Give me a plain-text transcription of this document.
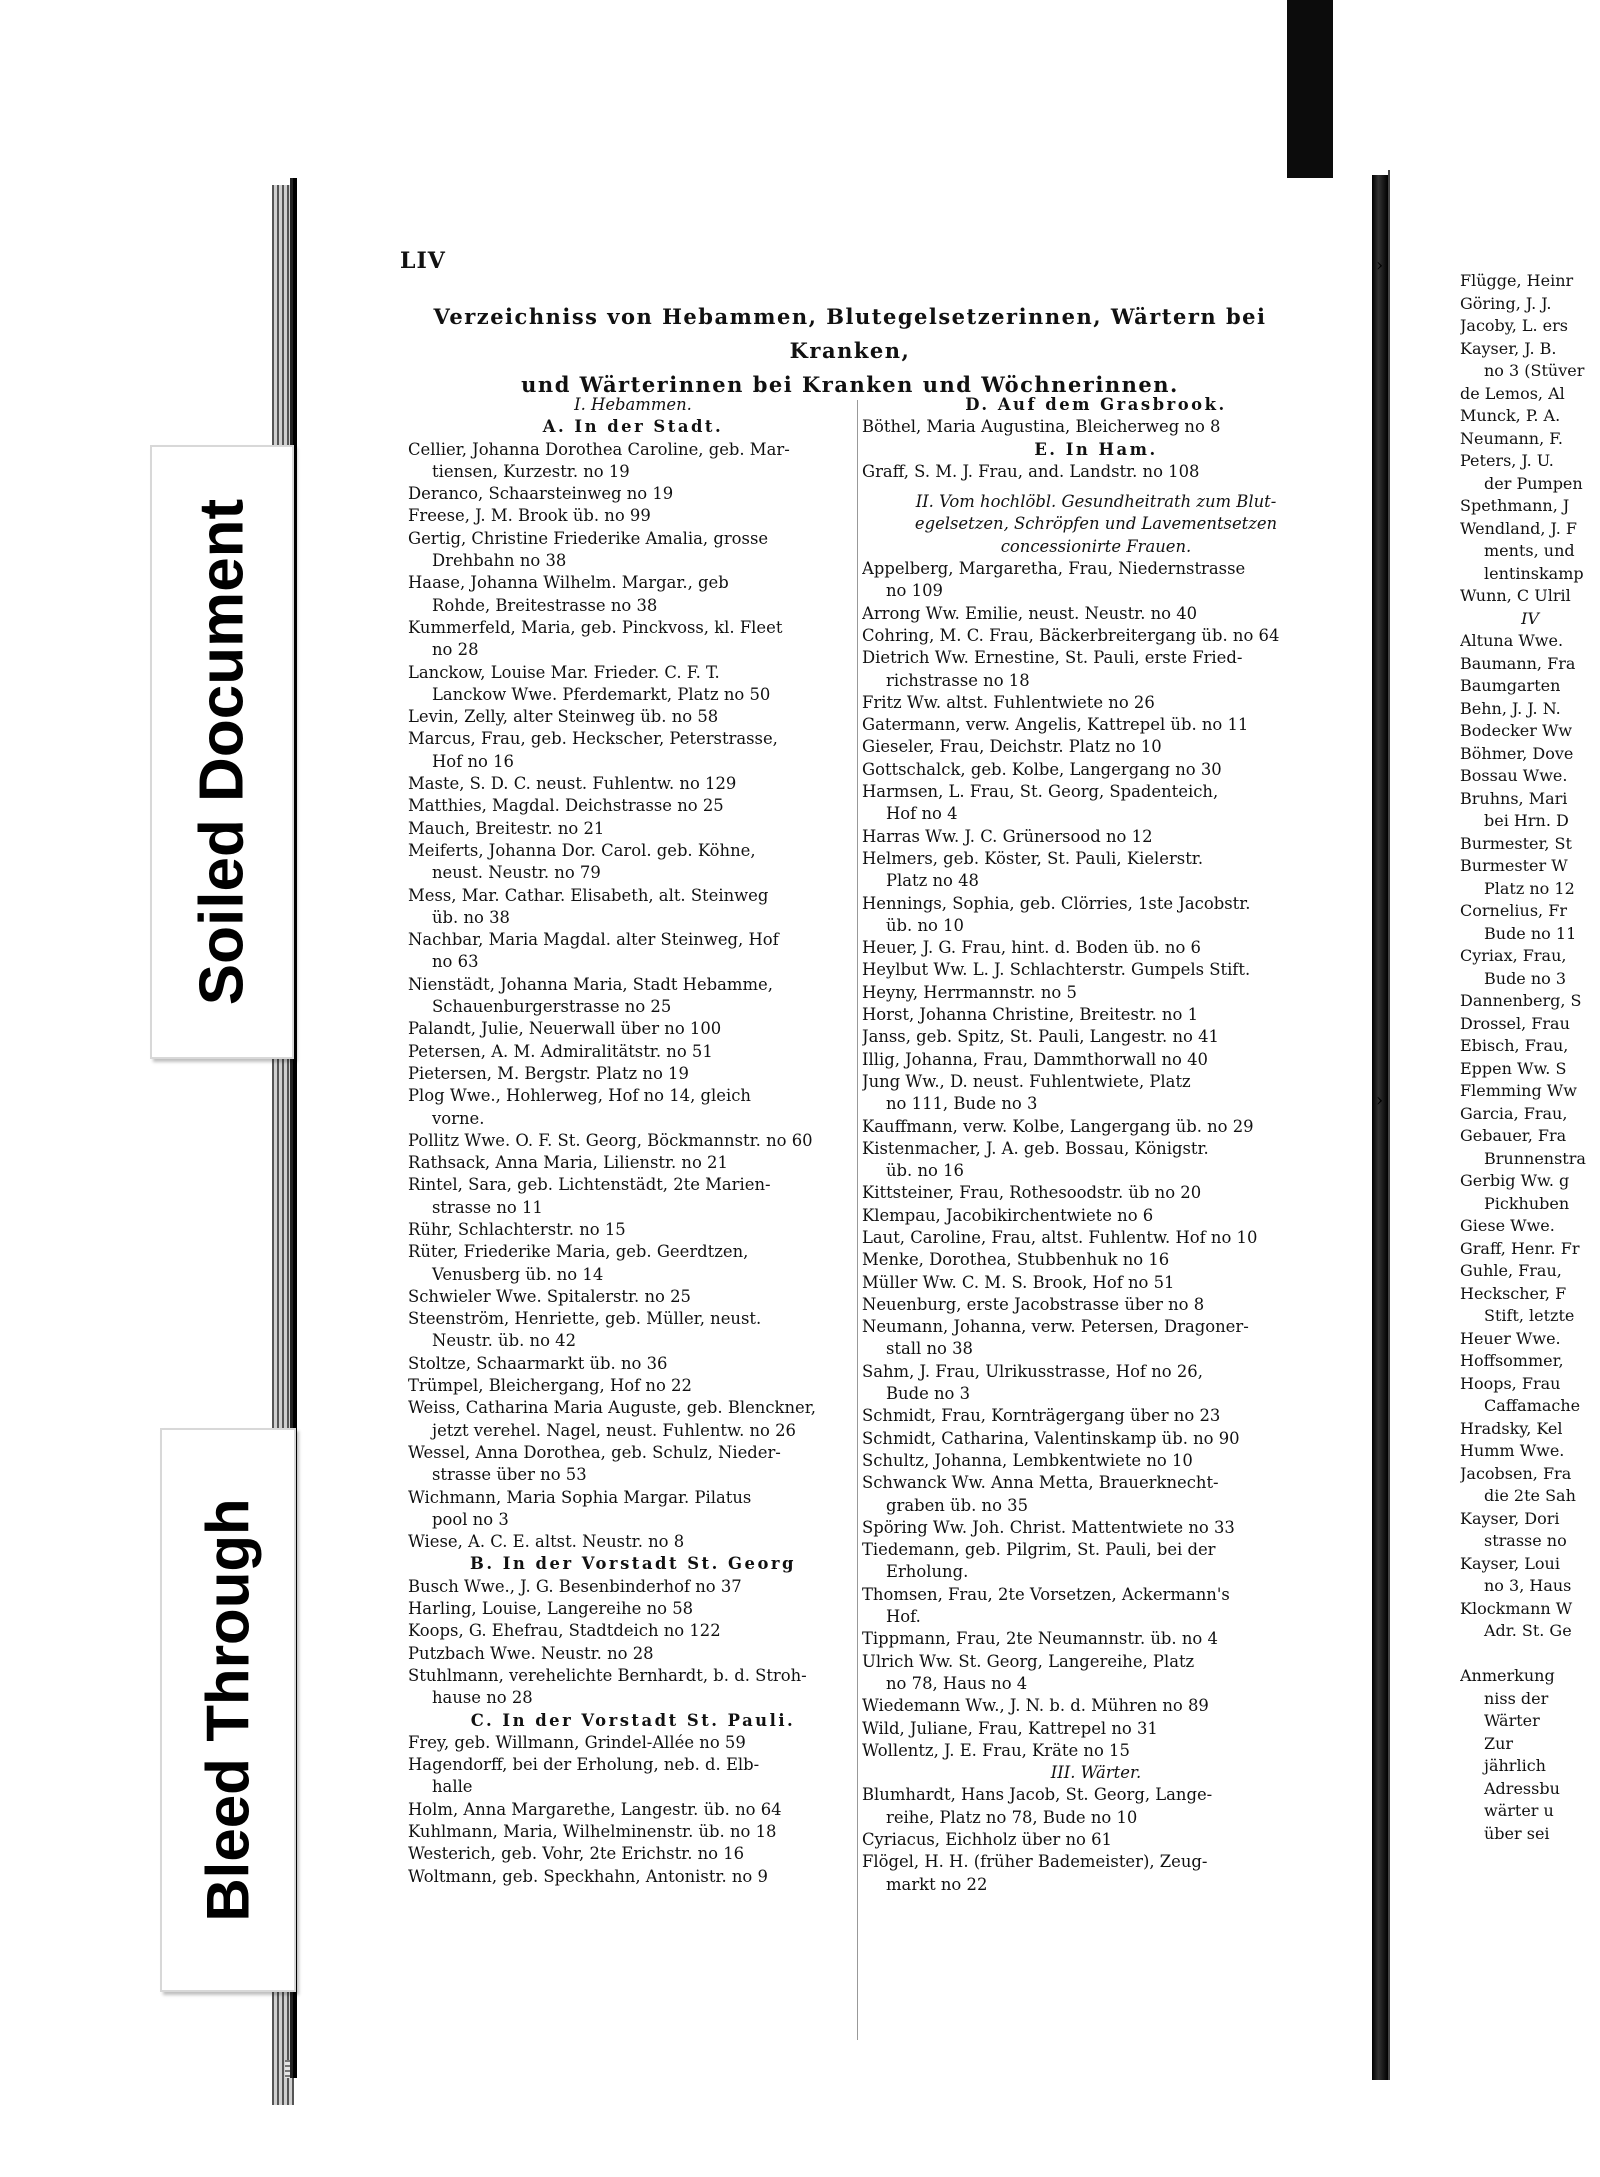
Soiled Document
Bleed Through
LIV
Verzeichniss von Hebammen, Blutegelsetzerinnen, Wärtern bei Kranken,
und Wärterinnen bei Kranken und Wöchnerinnen.
›
›
I. Hebammen.
A. In der Stadt.
Cellier, Johanna Dorothea Caroline, geb. Mar-
tiensen, Kurzestr. no 19
Deranco, Schaarsteinweg no 19
Freese, J. M. Brook üb. no 99
Gertig, Christine Friederike Amalia, grosse
Drehbahn no 38
Haase, Johanna Wilhelm. Margar., geb
Rohde, Breitestrasse no 38
Kummerfeld, Maria, geb. Pinckvoss, kl. Fleet
no 28
Lanckow, Louise Mar. Frieder. C. F. T.
Lanckow Wwe. Pferdemarkt, Platz no 50
Levin, Zelly, alter Steinweg üb. no 58
Marcus, Frau, geb. Heckscher, Peterstrasse,
Hof no 16
Maste, S. D. C. neust. Fuhlentw. no 129
Matthies, Magdal. Deichstrasse no 25
Mauch, Breitestr. no 21
Meiferts, Johanna Dor. Carol. geb. Köhne,
neust. Neustr. no 79
Mess, Mar. Cathar. Elisabeth, alt. Steinweg
üb. no 38
Nachbar, Maria Magdal. alter Steinweg, Hof
no 63
Nienstädt, Johanna Maria, Stadt Hebamme,
Schauenburgerstrasse no 25
Palandt, Julie, Neuerwall über no 100
Petersen, A. M. Admiralitätstr. no 51
Pietersen, M. Bergstr. Platz no 19
Plog Wwe., Hohlerweg, Hof no 14, gleich
vorne.
Pollitz Wwe. O. F. St. Georg, Böckmannstr. no 60
Rathsack, Anna Maria, Lilienstr. no 21
Rintel, Sara, geb. Lichtenstädt, 2te Marien-
strasse no 11
Rühr, Schlachterstr. no 15
Rüter, Friederike Maria, geb. Geerdtzen,
Venusberg üb. no 14
Schwieler Wwe. Spitalerstr. no 25
Steenström, Henriette, geb. Müller, neust.
Neustr. üb. no 42
Stoltze, Schaarmarkt üb. no 36
Trümpel, Bleichergang, Hof no 22
Weiss, Catharina Maria Auguste, geb. Blenckner,
jetzt verehel. Nagel, neust. Fuhlentw. no 26
Wessel, Anna Dorothea, geb. Schulz, Nieder-
strasse über no 53
Wichmann, Maria Sophia Margar. Pilatus
pool no 3
Wiese, A. C. E. altst. Neustr. no 8
B. In der Vorstadt St. Georg
Busch Wwe., J. G. Besenbinderhof no 37
Harling, Louise, Langereihe no 58
Koops, G. Ehefrau, Stadtdeich no 122
Putzbach Wwe. Neustr. no 28
Stuhlmann, verehelichte Bernhardt, b. d. Stroh-
hause no 28
C. In der Vorstadt St. Pauli.
Frey, geb. Willmann, Grindel-Allée no 59
Hagendorff, bei der Erholung, neb. d. Elb-
halle
Holm, Anna Margarethe, Langestr. üb. no 64
Kuhlmann, Maria, Wilhelminenstr. üb. no 18
Westerich, geb. Vohr, 2te Erichstr. no 16
Woltmann, geb. Speckhahn, Antonistr. no 9
D. Auf dem Grasbrook.
Böthel, Maria Augustina, Bleicherweg no 8
E. In Ham.
Graff, S. M. J. Frau, and. Landstr. no 108
II. Vom hochlöbl. Gesundheitrath zum Blut-
egelsetzen, Schröpfen und Lavementsetzen
concessionirte Frauen.
Appelberg, Margaretha, Frau, Niedernstrasse
no 109
Arrong Ww. Emilie, neust. Neustr. no 40
Cohring, M. C. Frau, Bäckerbreitergang üb. no 64
Dietrich Ww. Ernestine, St. Pauli, erste Fried-
richstrasse no 18
Fritz Ww. altst. Fuhlentwiete no 26
Gatermann, verw. Angelis, Kattrepel üb. no 11
Gieseler, Frau, Deichstr. Platz no 10
Gottschalck, geb. Kolbe, Langergang no 30
Harmsen, L. Frau, St. Georg, Spadenteich,
Hof no 4
Harras Ww. J. C. Grünersood no 12
Helmers, geb. Köster, St. Pauli, Kielerstr.
Platz no 48
Hennings, Sophia, geb. Clörries, 1ste Jacobstr.
üb. no 10
Heuer, J. G. Frau, hint. d. Boden üb. no 6
Heylbut Ww. L. J. Schlachterstr. Gumpels Stift.
Heyny, Herrmannstr. no 5
Horst, Johanna Christine, Breitestr. no 1
Janss, geb. Spitz, St. Pauli, Langestr. no 41
Illig, Johanna, Frau, Dammthorwall no 40
Jung Ww., D. neust. Fuhlentwiete, Platz
no 111, Bude no 3
Kauffmann, verw. Kolbe, Langergang üb. no 29
Kistenmacher, J. A. geb. Bossau, Königstr.
üb. no 16
Kittsteiner, Frau, Rothesoodstr. üb no 20
Klempau, Jacobikirchentwiete no 6
Laut, Caroline, Frau, altst. Fuhlentw. Hof no 10
Menke, Dorothea, Stubbenhuk no 16
Müller Ww. C. M. S. Brook, Hof no 51
Neuenburg, erste Jacobstrasse über no 8
Neumann, Johanna, verw. Petersen, Dragoner-
stall no 38
Sahm, J. Frau, Ulrikusstrasse, Hof no 26,
Bude no 3
Schmidt, Frau, Kornträgergang über no 23
Schmidt, Catharina, Valentinskamp üb. no 90
Schultz, Johanna, Lembkentwiete no 10
Schwanck Ww. Anna Metta, Brauerknecht-
graben üb. no 35
Spöring Ww. Joh. Christ. Mattentwiete no 33
Tiedemann, geb. Pilgrim, St. Pauli, bei der
Erholung.
Thomsen, Frau, 2te Vorsetzen, Ackermann's
Hof.
Tippmann, Frau, 2te Neumannstr. üb. no 4
Ulrich Ww. St. Georg, Langereihe, Platz
no 78, Haus no 4
Wiedemann Ww., J. N. b. d. Mühren no 89
Wild, Juliane, Frau, Kattrepel no 31
Wollentz, J. E. Frau, Kräte no 15
III. Wärter.
Blumhardt, Hans Jacob, St. Georg, Lange-
reihe, Platz no 78, Bude no 10
Cyriacus, Eichholz über no 61
Flögel, H. H. (früher Bademeister), Zeug-
markt no 22
Flügge, Heinr
Göring, J. J.
Jacoby, L. ers
Kayser, J. B.
no 3 (Stüver
de Lemos, Al
Munck, P. A.
Neumann, F.
Peters, J. U.
der Pumpen
Spethmann, J
Wendland, J. F
ments, und
lentinskamp
Wunn, C Ulril
IV
Altuna Wwe.
Baumann, Fra
Baumgarten
Behn, J. J. N.
Bodecker Ww
Böhmer, Dove
Bossau Wwe.
Bruhns, Mari
bei Hrn. D
Burmester, St
Burmester W
Platz no 12
Cornelius, Fr
Bude no 11
Cyriax, Frau,
Bude no 3
Dannenberg, S
Drossel, Frau
Ebisch, Frau,
Eppen Ww. S
Flemming Ww
Garcia, Frau,
Gebauer, Fra
Brunnenstra
Gerbig Ww. g
Pickhuben
Giese Wwe.
Graff, Henr. Fr
Guhle, Frau,
Heckscher, F
Stift, letzte
Heuer Wwe.
Hoffsommer,
Hoops, Frau
Caffamache
Hradsky, Kel
Humm Wwe.
Jacobsen, Fra
die 2te Sah
Kayser, Dori
strasse no
Kayser, Loui
no 3, Haus
Klockmann W
Adr. St. Ge
Anmerkung
niss der
Wärter
Zur
jährlich
Adressbu
wärter u
über sei
